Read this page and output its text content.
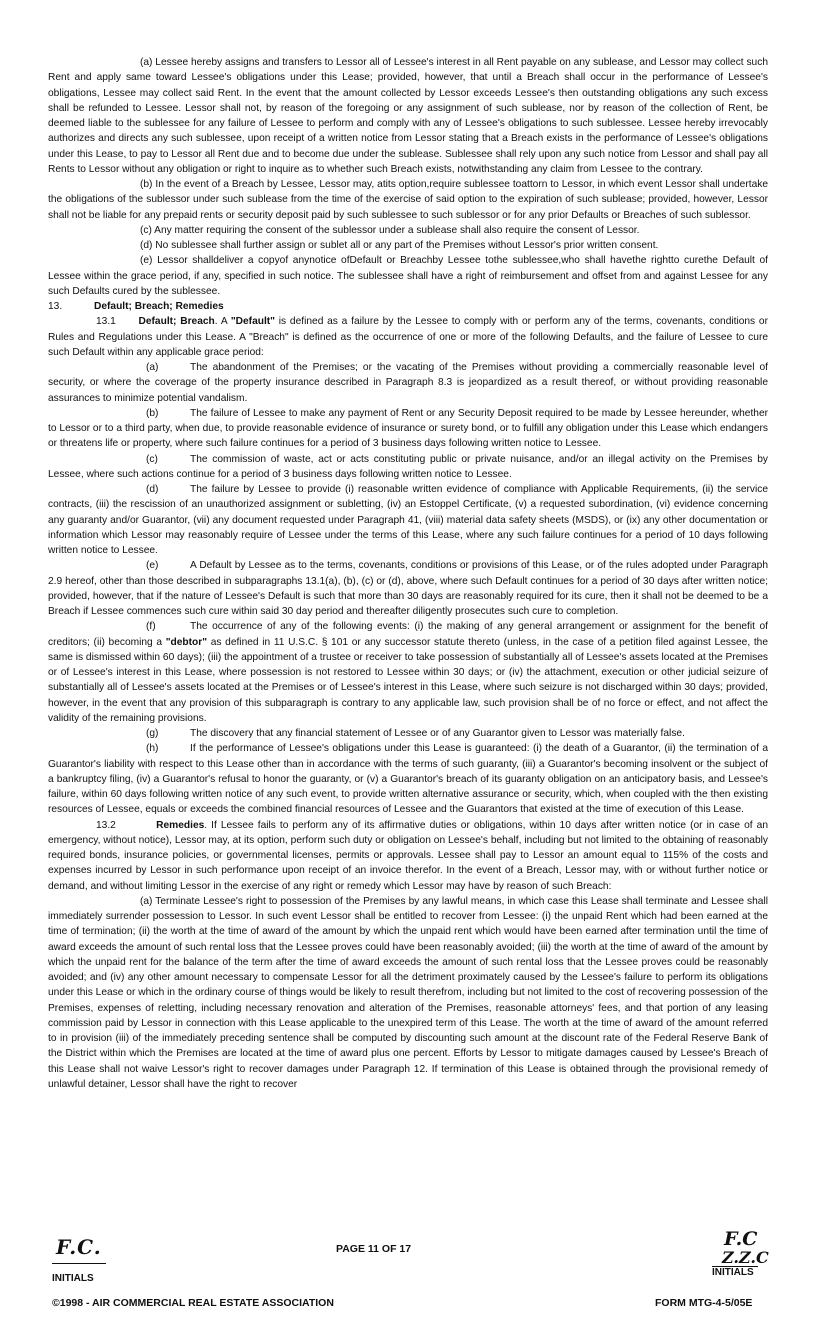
(a) Lessee hereby assigns and transfers to Lessor all of Lessee's interest in all Rent payable on any sublease, and Lessor may collect such Rent and apply same toward Lessee's obligations under this Lease; provided, however, that until a Breach shall occur in the performance of Lessee's obligations, Lessee may collect said Rent. In the event that the amount collected by Lessor exceeds Lessee's then outstanding obligations any such excess shall be refunded to Lessee. Lessor shall not, by reason of the foregoing or any assignment of such sublease, nor by reason of the collection of Rent, be deemed liable to the sublessee for any failure of Lessee to perform and comply with any of Lessee's obligations to such sublessee. Lessee hereby irrevocably authorizes and directs any such sublessee, upon receipt of a written notice from Lessor stating that a Breach exists in the performance of Lessee's obligations under this Lease, to pay to Lessor all Rent due and to become due under the sublease. Sublessee shall rely upon any such notice from Lessor and shall pay all Rents to Lessor without any obligation or right to inquire as to whether such Breach exists, notwithstanding any claim from Lessee to the contrary.

(b) In the event of a Breach by Lessee, Lessor may, atits option,require sublessee toattorn to Lessor, in which event Lessor shall undertake the obligations of the sublessor under such sublease from the time of the exercise of said option to the expiration of such sublease; provided, however, Lessor shall not be liable for any prepaid rents or security deposit paid by such sublessee to such sublessor or for any prior Defaults or Breaches of such sublessor.

(c) Any matter requiring the consent of the sublessor under a sublease shall also require the consent of Lessor.

(d) No sublessee shall further assign or sublet all or any part of the Premises without Lessor's prior written consent.

(e) Lessor shalldeliver a copyof anynotice ofDefault or Breachby Lessee tothe sublessee,who shall havethe rightto curethe Default of Lessee within the grace period, if any, specified in such notice. The sublessee shall have a right of reimbursement and offset from and against Lessee for any such Defaults cured by the sublessee.

13.	Default; Breach; Remedies

13.1 Default; Breach. A "Default" is defined as a failure by the Lessee to comply with or perform any of the terms, covenants, conditions or Rules and Regulations under this Lease. A "Breach" is defined as the occurrence of one or more of the following Defaults, and the failure of Lessee to cure such Default within any applicable grace period:

(a)	The abandonment of the Premises; or the vacating of the Premises without providing a commercially reasonable level of security, or where the coverage of the property insurance described in Paragraph 8.3 is jeopardized as a result thereof, or without providing reasonable assurances to minimize potential vandalism.

(b)	The failure of Lessee to make any payment of Rent or any Security Deposit required to be made by Lessee hereunder, whether to Lessor or to a third party, when due, to provide reasonable evidence of insurance or surety bond, or to fulfill any obligation under this Lease which endangers or threatens life or property, where such failure continues for a period of 3 business days following written notice to Lessee.

(c)	The commission of waste, act or acts constituting public or private nuisance, and/or an illegal activity on the Premises by Lessee, where such actions continue for a period of 3 business days following written notice to Lessee.

(d)	The failure by Lessee to provide (i) reasonable written evidence of compliance with Applicable Requirements, (ii) the service contracts, (iii) the rescission of an unauthorized assignment or subletting, (iv) an Estoppel Certificate, (v) a requested subordination, (vi) evidence concerning any guaranty and/or Guarantor, (vii) any document requested under Paragraph 41, (viii) material data safety sheets (MSDS), or (ix) any other documentation or information which Lessor may reasonably require of Lessee under the terms of this Lease, where any such failure continues for a period of 10 days following written notice to Lessee.

(e)	A Default by Lessee as to the terms, covenants, conditions or provisions of this Lease, or of the rules adopted under Paragraph 2.9 hereof, other than those described in subparagraphs 13.1(a), (b), (c) or (d), above, where such Default continues for a period of 30 days after written notice; provided, however, that if the nature of Lessee's Default is such that more than 30 days are reasonably required for its cure, then it shall not be deemed to be a Breach if Lessee commences such cure within said 30 day period and thereafter diligently prosecutes such cure to completion.

(f)	The occurrence of any of the following events: (i) the making of any general arrangement or assignment for the benefit of creditors; (ii) becoming a "debtor" as defined in 11 U.S.C. § 101 or any successor statute thereto (unless, in the case of a petition filed against Lessee, the same is dismissed within 60 days); (iii) the appointment of a trustee or receiver to take possession of substantially all of Lessee's assets located at the Premises or of Lessee's interest in this Lease, where possession is not restored to Lessee within 30 days; or (iv) the attachment, execution or other judicial seizure of substantially all of Lessee's assets located at the Premises or of Lessee's interest in this Lease, where such seizure is not discharged within 30 days; provided, however, in the event that any provision of this subparagraph is contrary to any applicable law, such provision shall be of no force or effect, and not affect the validity of the remaining provisions.

(g)	The discovery that any financial statement of Lessee or of any Guarantor given to Lessor was materially false.

(h)	If the performance of Lessee's obligations under this Lease is guaranteed: (i) the death of a Guarantor, (ii) the termination of a Guarantor's liability with respect to this Lease other than in accordance with the terms of such guaranty, (iii) a Guarantor's becoming insolvent or the subject of a bankruptcy filing, (iv) a Guarantor's refusal to honor the guaranty, or (v) a Guarantor's breach of its guaranty obligation on an anticipatory basis, and Lessee's failure, within 60 days following written notice of any such event, to provide written alternative assurance or security, which, when coupled with the then existing resources of Lessee, equals or exceeds the combined financial resources of Lessee and the Guarantors that existed at the time of execution of this Lease.

13.2	Remedies. If Lessee fails to perform any of its affirmative duties or obligations, within 10 days after written notice (or in case of an emergency, without notice), Lessor may, at its option, perform such duty or obligation on Lessee's behalf, including but not limited to the obtaining of reasonably required bonds, insurance policies, or governmental licenses, permits or approvals. Lessee shall pay to Lessor an amount equal to 115% of the costs and expenses incurred by Lessor in such performance upon receipt of an invoice therefor. In the event of a Breach, Lessor may, with or without further notice or demand, and without limiting Lessor in the exercise of any right or remedy which Lessor may have by reason of such Breach:

(a) Terminate Lessee's right to possession of the Premises by any lawful means, in which case this Lease shall terminate and Lessee shall immediately surrender possession to Lessor. In such event Lessor shall be entitled to recover from Lessee: (i) the unpaid Rent which had been earned at the time of termination; (ii) the worth at the time of award of the amount by which the unpaid rent which would have been earned after termination until the time of award exceeds the amount of such rental loss that the Lessee proves could have been reasonably avoided; (iii) the worth at the time of award of the amount by which the unpaid rent for the balance of the term after the time of award exceeds the amount of such rental loss that the Lessee proves could be reasonably avoided; and (iv) any other amount necessary to compensate Lessor for all the detriment proximately caused by the Lessee's failure to perform its obligations under this Lease or which in the ordinary course of things would be likely to result therefrom, including but not limited to the cost of recovering possession of the Premises, expenses of reletting, including necessary renovation and alteration of the Premises, reasonable attorneys' fees, and that portion of any leasing commission paid by Lessor in connection with this Lease applicable to the unexpired term of this Lease. The worth at the time of award of the amount referred to in provision (iii) of the immediately preceding sentence shall be computed by discounting such amount at the discount rate of the Federal Reserve Bank of the District within which the Premises are located at the time of award plus one percent. Efforts by Lessor to mitigate damages caused by Lessee's Breach of this Lease shall not waive Lessor's right to recover damages under Paragraph 12. If termination of this Lease is obtained through the provisional remedy of unlawful detainer, Lessor shall have the right to recover

F.C.
INITIALS
PAGE 11 OF 17	F.C
Z.Z.C
INITIALS
©1998 - AIR COMMERCIAL REAL ESTATE ASSOCIATION	FORM MTG-4-5/05E
